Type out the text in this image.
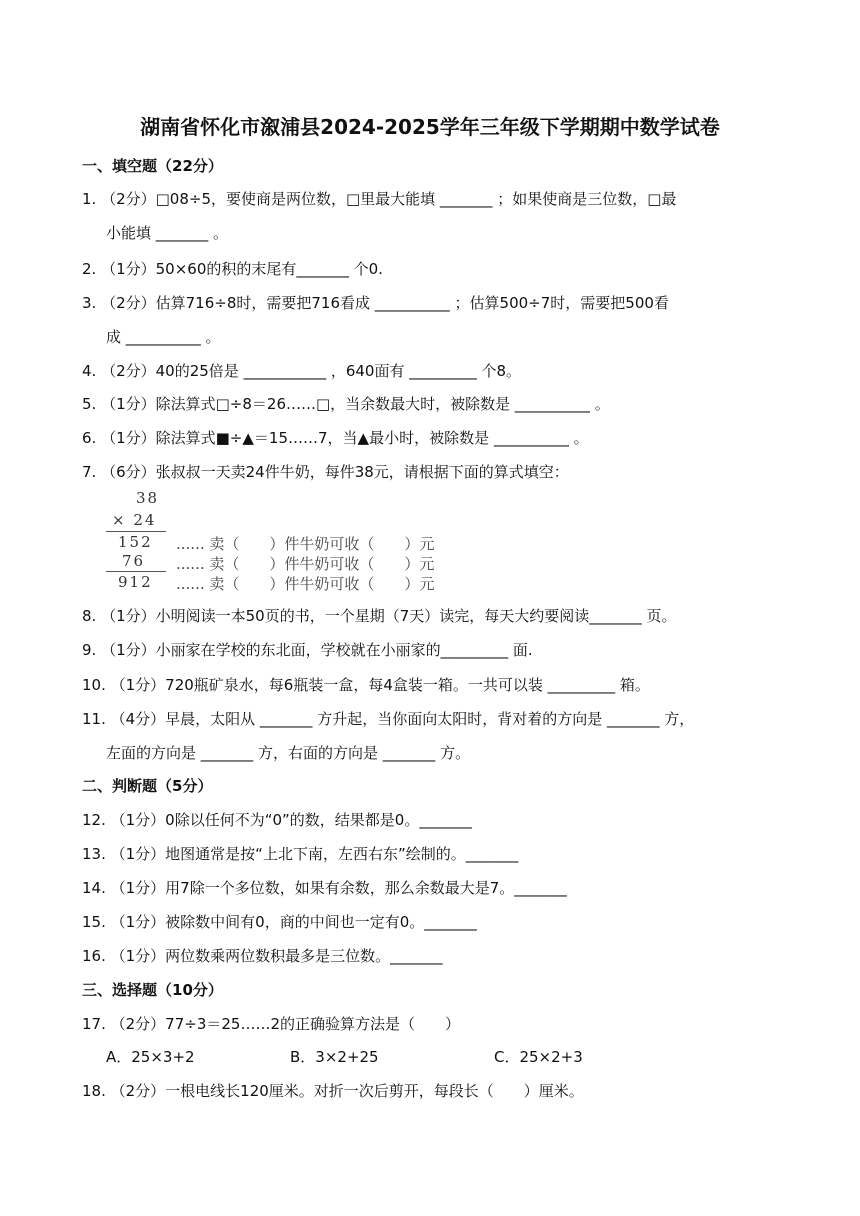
湖南省怀化市溆浦县2024-2025学年三年级下学期期中数学试卷
一、填空题（22分）
1. （2分）□08÷5，要使商是两位数，□里最大能填 _______ ；如果使商是三位数，□最
小能填 _______ 。
2. （1分）50×60的积的末尾有_______ 个0.
3. （2分）估算716÷8时，需要把716看成 __________ ；估算500÷7时，需要把500看
成 __________ 。
4. （2分）40的25倍是 ___________ ，640面有 _________ 个8。
5. （1分）除法算式□÷8＝26……□，当余数最大时，被除数是 __________ 。
6. （1分）除法算式■÷▲＝15……7，当▲最小时，被除数是 __________ 。
7. （6分）张叔叔一天卖24件牛奶，每件38元，请根据下面的算式填空：
38
× 24
152 ...... 卖（　　）件牛奶可收（　　）元
76 ...... 卖（　　）件牛奶可收（　　）元
912 ...... 卖（　　）件牛奶可收（　　）元
8. （1分）小明阅读一本50页的书，一个星期（7天）读完，每天大约要阅读_______ 页。
9. （1分）小丽家在学校的东北面，学校就在小丽家的_________ 面.
10. （1分）720瓶矿泉水，每6瓶装一盒，每4盒装一箱。一共可以装 _________ 箱。
11. （4分）早晨，太阳从 _______ 方升起，当你面向太阳时，背对着的方向是 _______ 方，
左面的方向是 _______ 方，右面的方向是 _______ 方。
二、判断题（5分）
12. （1分）0除以任何不为“0”的数，结果都是0。_______
13. （1分）地图通常是按“上北下南，左西右东”绘制的。_______
14. （1分）用7除一个多位数，如果有余数，那么余数最大是7。_______
15. （1分）被除数中间有0，商的中间也一定有0。_______
16. （1分）两位数乘两位数积最多是三位数。_______
三、选择题（10分）
17. （2分）77÷3＝25……2的正确验算方法是（　　）
A．25×3+2	B．3×2+25	C．25×2+3
18. （2分）一根电线长120厘米。对折一次后剪开，每段长（　　）厘米。
